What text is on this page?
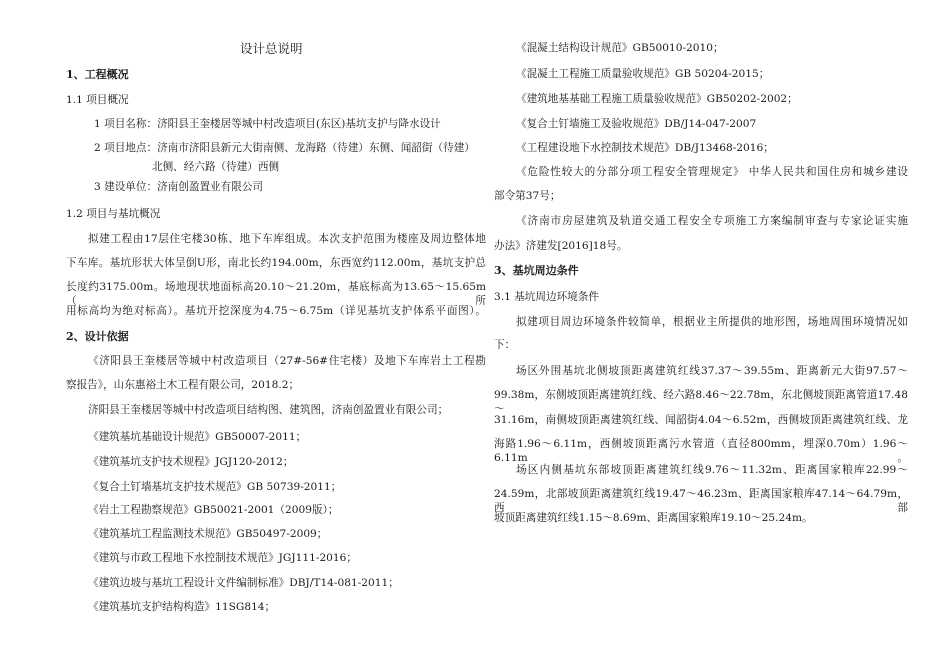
设计总说明
1、工程概况
1.1 项目概况
1 项目名称：济阳县王奎楼居等城中村改造项目(东区)基坑支护与降水设计
2 项目地点：济南市济阳县新元大街南侧、龙海路（待建）东侧、闻韶街（待建）
北侧、经六路（待建）西侧
3 建设单位：济南创盈置业有限公司
1.2 项目与基坑概况
拟建工程由17层住宅楼30栋、地下车库组成。本次支护范围为楼座及周边整体地
下车库。基坑形状大体呈倒U形，南北长约194.00m，东西宽约112.00m，基坑支护总
长度约3175.00m。场地现状地面标高20.10～21.20m，基底标高为13.65～15.65m（所
用标高均为绝对标高）。基坑开挖深度为4.75～6.75m（详见基坑支护体系平面图）。
2、设计依据
《济阳县王奎楼居等城中村改造项目（27#-56#住宅楼）及地下车库岩土工程勘
察报告》，山东惠裕土木工程有限公司，2018.2；
济阳县王奎楼居等城中村改造项目结构图、建筑图，济南创盈置业有限公司；
《建筑基坑基础设计规范》GB50007-2011；
《建筑基坑支护技术规程》JGJ120-2012；
《复合土钉墙基坑支护技术规范》GB 50739-2011；
《岩土工程勘察规范》GB50021-2001（2009版）；
《建筑基坑工程监测技术规范》GB50497-2009；
《建筑与市政工程地下水控制技术规范》JGJ111-2016；
《建筑边坡与基坑工程设计文件编制标准》DBJ/T14-081-2011；
《建筑基坑支护结构构造》11SG814；
《混凝土结构设计规范》GB50010-2010；
《混凝土工程施工质量验收规范》GB 50204-2015；
《建筑地基基础工程施工质量验收规范》GB50202-2002；
《复合土钉墙施工及验收规范》DB/J14-047-2007
《工程建设地下水控制技术规范》DB/J13468-2016；
《危险性较大的分部分项工程安全管理规定》 中华人民共和国住房和城乡建设
部令第37号；
《济南市房屋建筑及轨道交通工程安全专项施工方案编制审查与专家论证实施
办法》济建发[2016]18号。
3、基坑周边条件
3.1 基坑周边环境条件
拟建项目周边环境条件较简单，根据业主所提供的地形图，场地周围环境情况如
下：
场区外围基坑北侧坡顶距离建筑红线37.37～39.55m、距离新元大街97.57～
99.38m，东侧坡顶距离建筑红线、经六路8.46～22.78m，东北侧坡顶距离管道17.48～
31.16m，南侧坡顶距离建筑红线、闻韶街4.04～6.52m，西侧坡顶距离建筑红线、龙
海路1.96～6.11m，西侧坡顶距离污水管道（直径800mm，埋深0.70m）1.96～6.11m。
场区内侧基坑东部坡顶距离建筑红线9.76～11.32m、距离国家粮库22.99～
24.59m，北部坡顶距离建筑红线19.47～46.23m、距离国家粮库47.14～64.79m，西部
坡顶距离建筑红线1.15～8.69m、距离国家粮库19.10～25.24m。
